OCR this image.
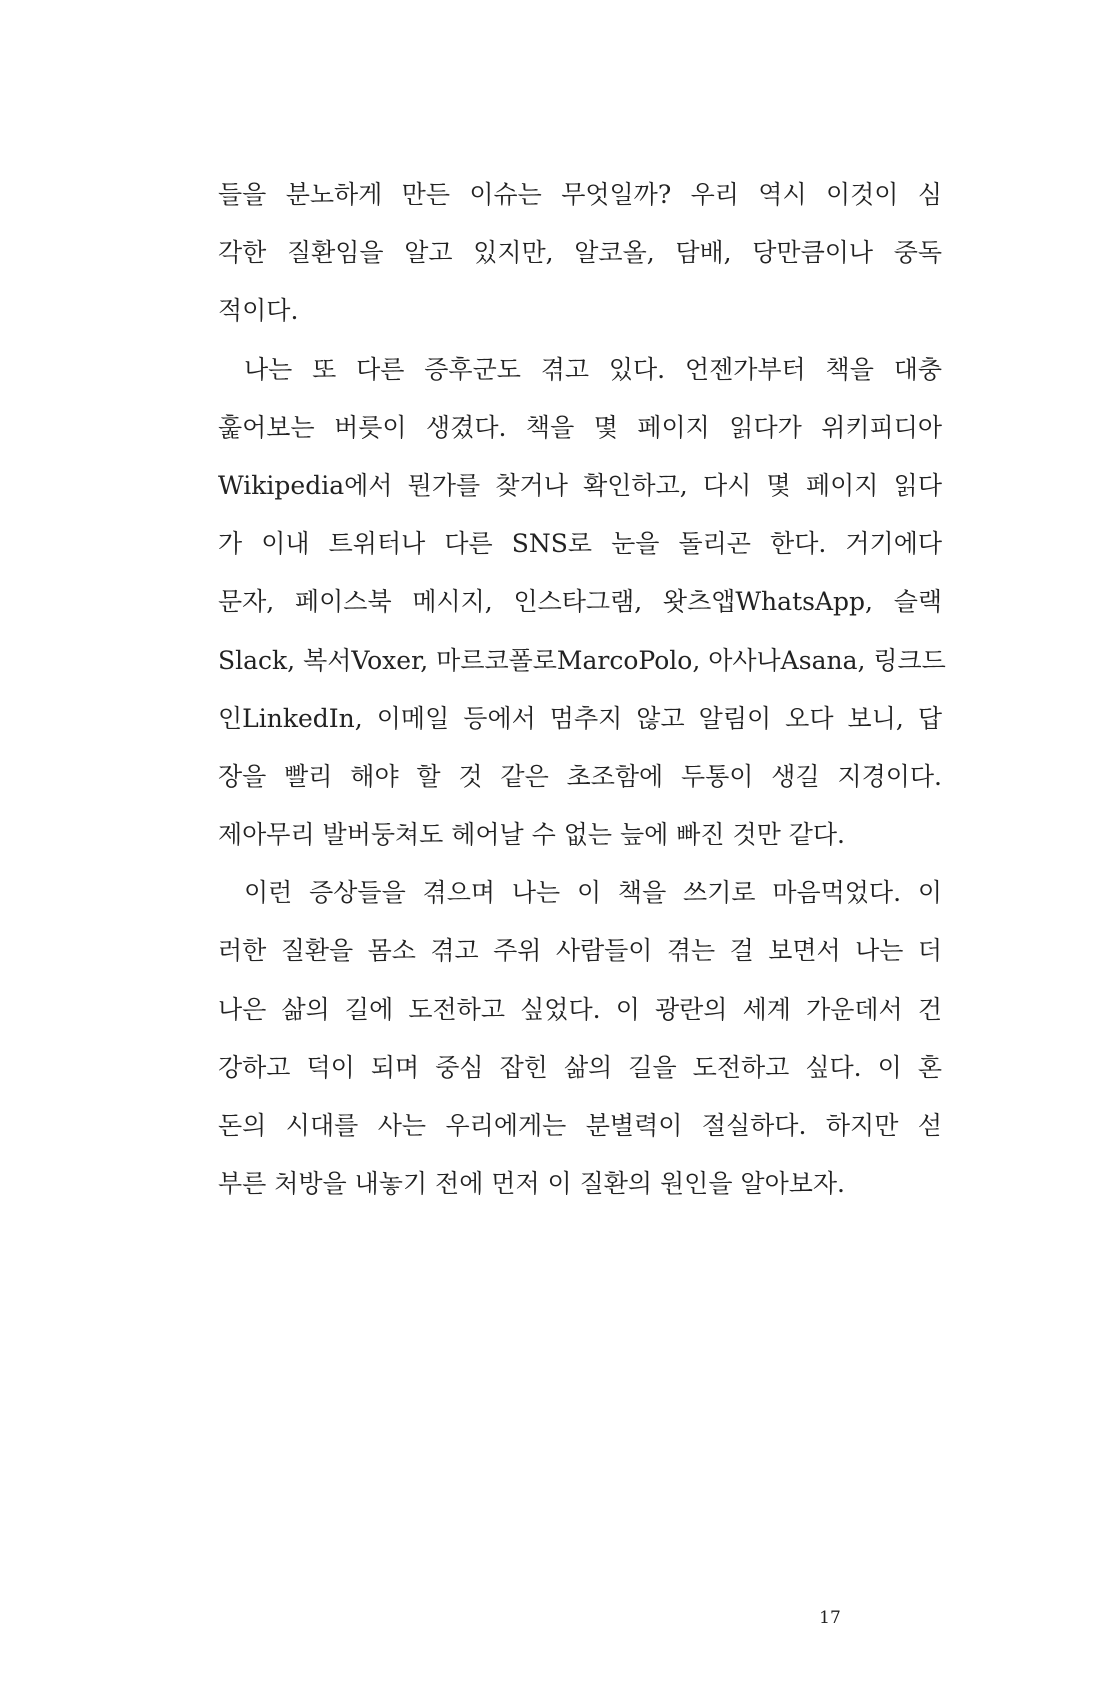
들을 분노하게 만든 이슈는 무엇일까? 우리 역시 이것이 심
각한 질환임을 알고 있지만, 알코올, 담배, 당만큼이나 중독
적이다.
나는 또 다른 증후군도 겪고 있다. 언젠가부터 책을 대충
훑어보는 버릇이 생겼다. 책을 몇 페이지 읽다가 위키피디아
Wikipedia에서 뭔가를 찾거나 확인하고, 다시 몇 페이지 읽다
가 이내 트위터나 다른 SNS로 눈을 돌리곤 한다. 거기에다
문자, 페이스북 메시지, 인스타그램, 왓츠앱WhatsApp, 슬랙
Slack, 복서Voxer, 마르코폴로MarcoPolo, 아사나Asana, 링크드
인LinkedIn, 이메일 등에서 멈추지 않고 알림이 오다 보니, 답
장을 빨리 해야 할 것 같은 초조함에 두통이 생길 지경이다.
제아무리 발버둥쳐도 헤어날 수 없는 늪에 빠진 것만 같다.
이런 증상들을 겪으며 나는 이 책을 쓰기로 마음먹었다. 이
러한 질환을 몸소 겪고 주위 사람들이 겪는 걸 보면서 나는 더
나은 삶의 길에 도전하고 싶었다. 이 광란의 세계 가운데서 건
강하고 덕이 되며 중심 잡힌 삶의 길을 도전하고 싶다. 이 혼
돈의 시대를 사는 우리에게는 분별력이 절실하다. 하지만 섣
부른 처방을 내놓기 전에 먼저 이 질환의 원인을 알아보자.
17
